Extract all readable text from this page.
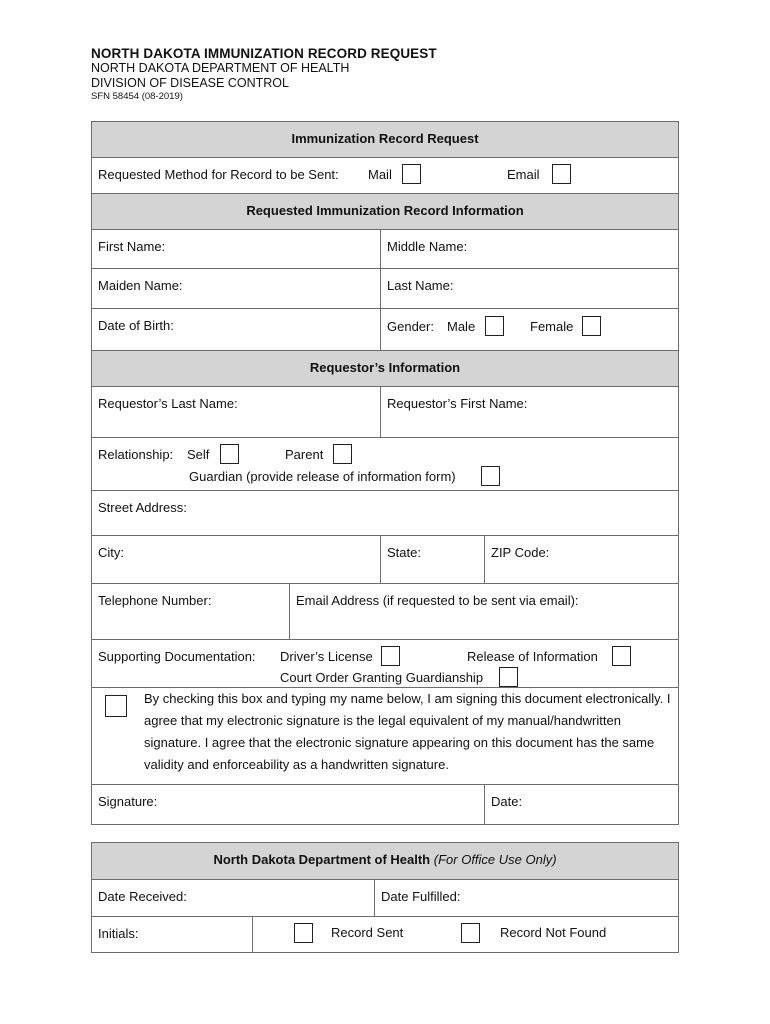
NORTH DAKOTA IMMUNIZATION RECORD REQUEST
NORTH DAKOTA DEPARTMENT OF HEALTH
DIVISION OF DISEASE CONTROL
SFN 58454 (08-2019)
Immunization Record Request
Requested Method for Record to be Sent: Mail	Email
Requested Immunization Record Information
First Name:	Middle Name:
Maiden Name:	Last Name:
Date of Birth:	Gender: Male	Female
Requestor’s Information
Requestor’s Last Name:	Requestor’s First Name:
Relationship: Self	Parent
Guardian (provide release of information form)
Street Address:
City:	State:	ZIP Code:
Telephone Number:	Email Address (if requested to be sent via email):
Supporting Documentation: Driver’s License	Release of Information
Court Order Granting Guardianship
By checking this box and typing my name below, I am signing this document electronically. I agree that my electronic signature is the legal equivalent of my manual/handwritten signature. I agree that the electronic signature appearing on this document has the same validity and enforceability as a handwritten signature.
Signature:	Date:
North Dakota Department of Health (For Office Use Only)
Date Received:	Date Fulfilled:
Initials:	Record Sent	Record Not Found
